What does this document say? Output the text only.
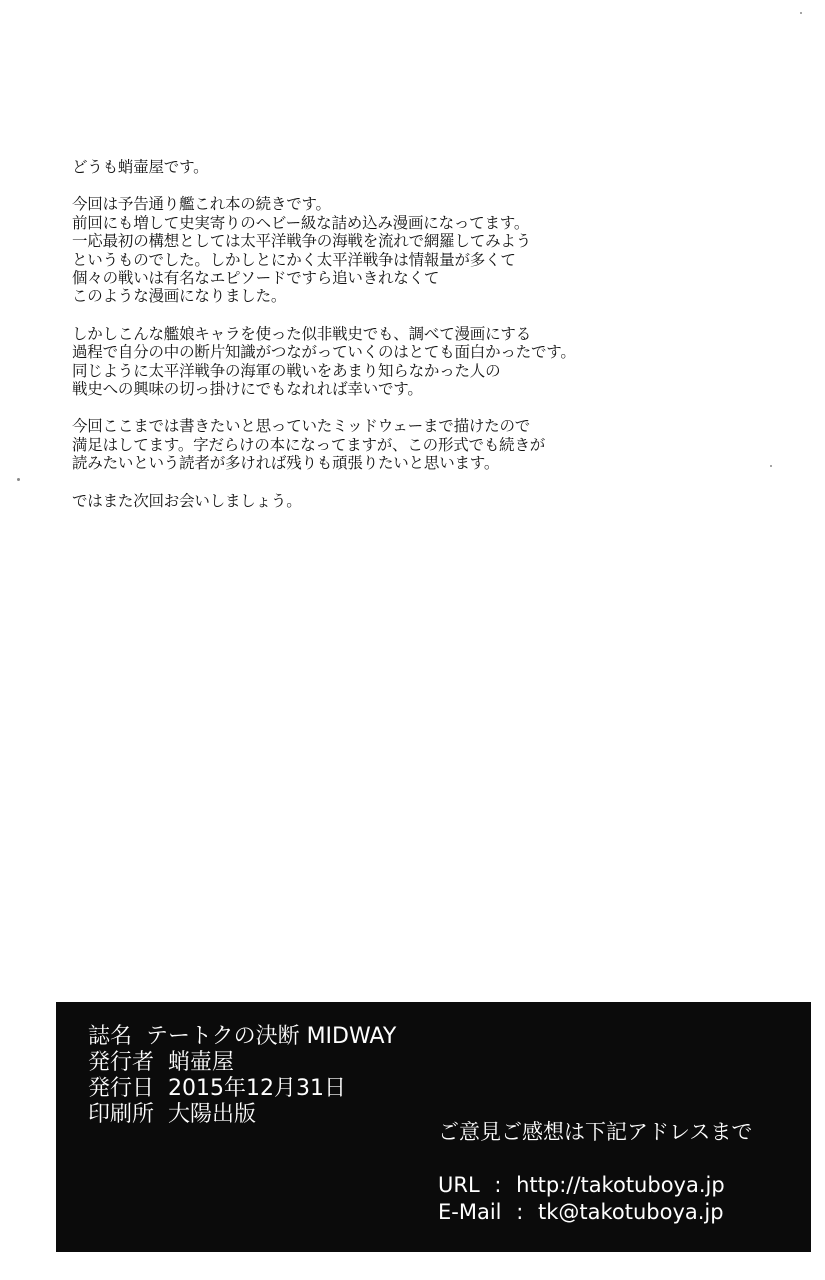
どうも蛸壷屋です。
今回は予告通り艦これ本の続きです。
前回にも増して史実寄りのヘビー級な詰め込み漫画になってます。
一応最初の構想としては太平洋戦争の海戦を流れで網羅してみよう
というものでした。しかしとにかく太平洋戦争は情報量が多くて
個々の戦いは有名なエピソードですら追いきれなくて
このような漫画になりました。
しかしこんな艦娘キャラを使った似非戦史でも、調べて漫画にする
過程で自分の中の断片知識がつながっていくのはとても面白かったです。
同じように太平洋戦争の海軍の戦いをあまり知らなかった人の
戦史への興味の切っ掛けにでもなれれば幸いです。
今回ここまでは書きたいと思っていたミッドウェーまで描けたので
満足はしてます。字だらけの本になってますが、この形式でも続きが
読みたいという読者が多ければ残りも頑張りたいと思います。
ではまた次回お会いしましょう。
誌名 テートクの決断 MIDWAY
発行者 蛸壷屋
発行日 2015年12月31日
印刷所 大陽出版
ご意見ご感想は下記アドレスまで
URL : http://takotuboya.jp
E-Mail : tk@takotuboya.jp
